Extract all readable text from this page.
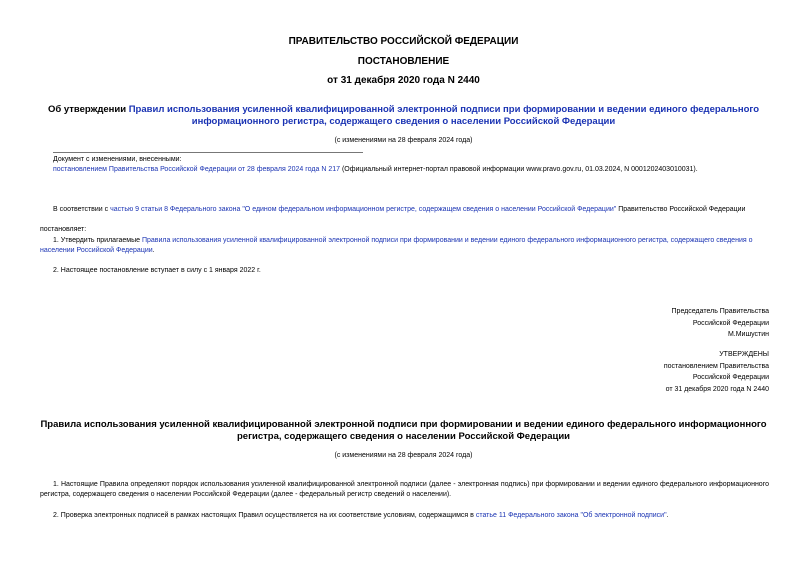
ПРАВИТЕЛЬСТВО РОССИЙСКОЙ ФЕДЕРАЦИИ
ПОСТАНОВЛЕНИЕ
от 31 декабря 2020 года N 2440
Об утверждении Правил использования усиленной квалифицированной электронной подписи при формировании и ведении единого федерального информационного регистра, содержащего сведения о населении Российской Федерации
(с изменениями на 28 февраля 2024 года)
Документ с изменениями, внесенными:
постановлением Правительства Российской Федерации от 28 февраля 2024 года N 217 (Официальный интернет-портал правовой информации www.pravo.gov.ru, 01.03.2024, N 0001202403010031).
В соответствии с частью 9 статьи 8 Федерального закона "О едином федеральном информационном регистре, содержащем сведения о населении Российской Федерации" Правительство Российской Федерации
постановляет:
1. Утвердить прилагаемые Правила использования усиленной квалифицированной электронной подписи при формировании и ведении единого федерального информационного регистра, содержащего сведения о населении Российской Федерации.
2. Настоящее постановление вступает в силу с 1 января 2022 г.
Председатель Правительства
Российской Федерации
М.Мишустин
УТВЕРЖДЕНЫ
постановлением Правительства
Российской Федерации
от 31 декабря 2020 года N 2440
Правила использования усиленной квалифицированной электронной подписи при формировании и ведении единого федерального информационного регистра, содержащего сведения о населении Российской Федерации
(с изменениями на 28 февраля 2024 года)
1. Настоящие Правила определяют порядок использования усиленной квалифицированной электронной подписи (далее - электронная подпись) при формировании и ведении единого федерального информационного регистра, содержащего сведения о населении Российской Федерации (далее - федеральный регистр сведений о населении).
2. Проверка электронных подписей в рамках настоящих Правил осуществляется на их соответствие условиям, содержащимся в статье 11 Федерального закона "Об электронной подписи".
